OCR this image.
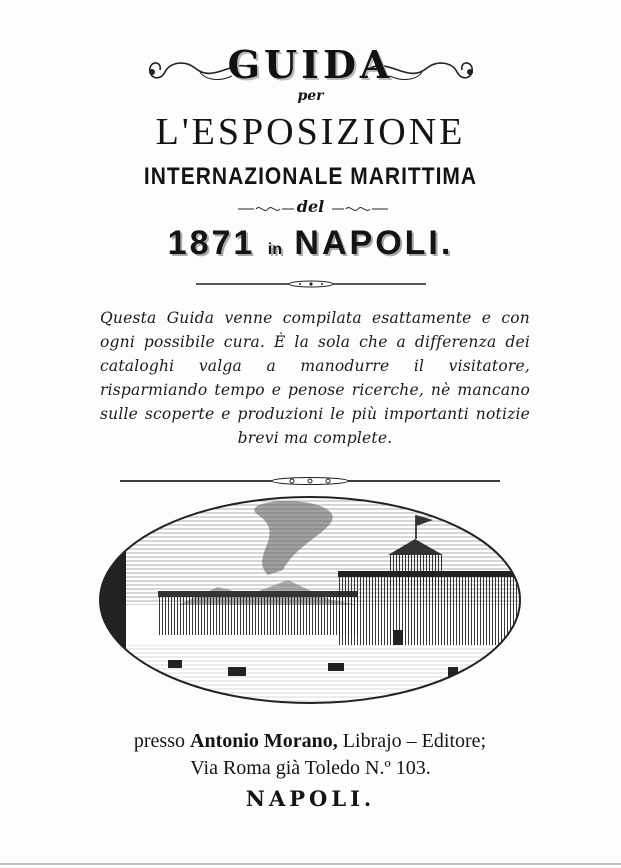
GUIDA
per
L'ESPOSIZIONE
INTERNAZIONALE MARITTIMA
del
1871 in NAPOLI.
Questa Guida venne compilata esattamente e con ogni possibile cura. È la sola che a differenza dei cataloghi valga a manodurre il visitatore, risparmiando tempo e penose ricerche, nè mancano sulle scoperte e produzioni le più importanti notizie brevi ma complete.
presso Antonio Morano, Librajo – Editore;
Via Roma già Toledo N.º 103.
NAPOLI.
